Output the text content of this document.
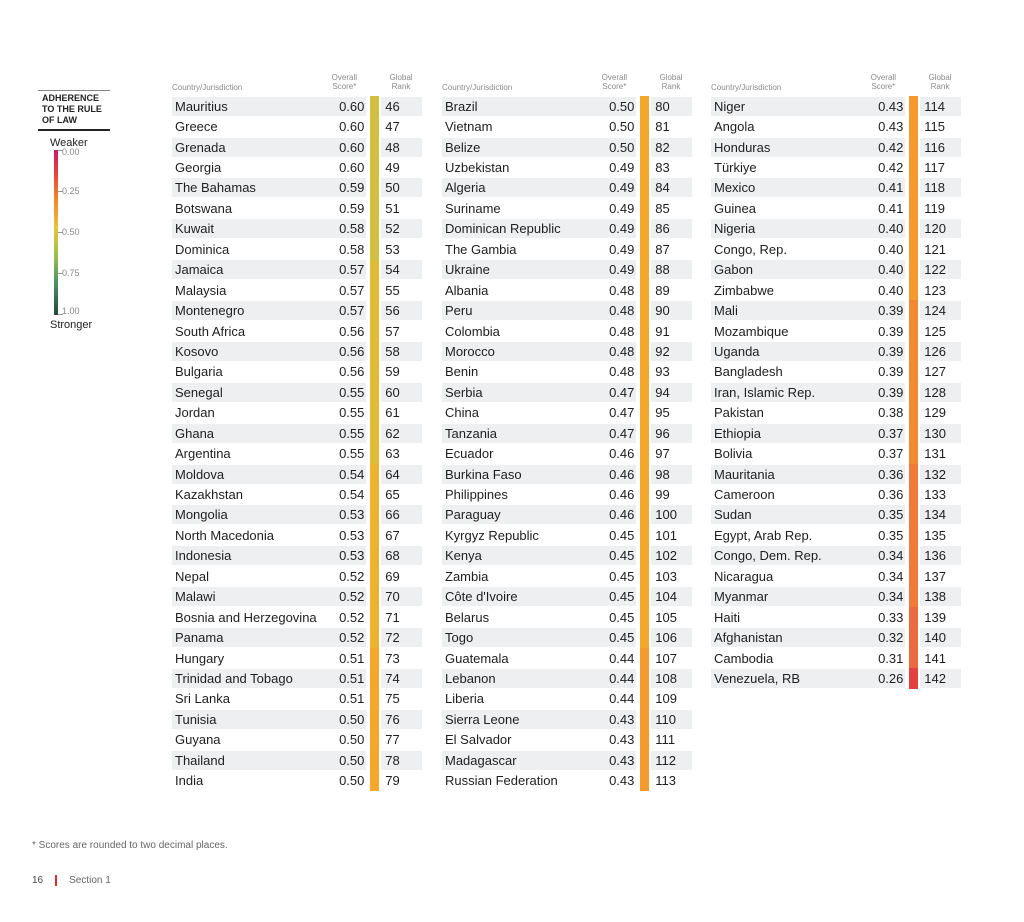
ADHERENCE TO THE RULE OF LAW
Weaker
0.00
0.25
0.50
0.75
1.00
Stronger
Country/Jurisdiction
Overall
Score*
Global
Rank
Mauritius	0.60	46
Greece	0.60	47
Grenada	0.60	48
Georgia	0.60	49
The Bahamas	0.59	50
Botswana	0.59	51
Kuwait	0.58	52
Dominica	0.58	53
Jamaica	0.57	54
Malaysia	0.57	55
Montenegro	0.57	56
South Africa	0.56	57
Kosovo	0.56	58
Bulgaria	0.56	59
Senegal	0.55	60
Jordan	0.55	61
Ghana	0.55	62
Argentina	0.55	63
Moldova	0.54	64
Kazakhstan	0.54	65
Mongolia	0.53	66
North Macedonia	0.53	67
Indonesia	0.53	68
Nepal	0.52	69
Malawi	0.52	70
Bosnia and Herzegovina	0.52	71
Panama	0.52	72
Hungary	0.51	73
Trinidad and Tobago	0.51	74
Sri Lanka	0.51	75
Tunisia	0.50	76
Guyana	0.50	77
Thailand	0.50	78
India	0.50	79
Country/Jurisdiction
Overall
Score*
Global
Rank
Brazil	0.50	80
Vietnam	0.50	81
Belize	0.50	82
Uzbekistan	0.49	83
Algeria	0.49	84
Suriname	0.49	85
Dominican Republic	0.49	86
The Gambia	0.49	87
Ukraine	0.49	88
Albania	0.48	89
Peru	0.48	90
Colombia	0.48	91
Morocco	0.48	92
Benin	0.48	93
Serbia	0.47	94
China	0.47	95
Tanzania	0.47	96
Ecuador	0.46	97
Burkina Faso	0.46	98
Philippines	0.46	99
Paraguay	0.46	100
Kyrgyz Republic	0.45	101
Kenya	0.45	102
Zambia	0.45	103
Côte d'Ivoire	0.45	104
Belarus	0.45	105
Togo	0.45	106
Guatemala	0.44	107
Lebanon	0.44	108
Liberia	0.44	109
Sierra Leone	0.43	110
El Salvador	0.43	111
Madagascar	0.43	112
Russian Federation	0.43	113
Country/Jurisdiction
Overall
Score*
Global
Rank
Niger	0.43	114
Angola	0.43	115
Honduras	0.42	116
Türkiye	0.42	117
Mexico	0.41	118
Guinea	0.41	119
Nigeria	0.40	120
Congo, Rep.	0.40	121
Gabon	0.40	122
Zimbabwe	0.40	123
Mali	0.39	124
Mozambique	0.39	125
Uganda	0.39	126
Bangladesh	0.39	127
Iran, Islamic Rep.	0.39	128
Pakistan	0.38	129
Ethiopia	0.37	130
Bolivia	0.37	131
Mauritania	0.36	132
Cameroon	0.36	133
Sudan	0.35	134
Egypt, Arab Rep.	0.35	135
Congo, Dem. Rep.	0.34	136
Nicaragua	0.34	137
Myanmar	0.34	138
Haiti	0.33	139
Afghanistan	0.32	140
Cambodia	0.31	141
Venezuela, RB	0.26	142
* Scores are rounded to two decimal places.
16	Section 1
